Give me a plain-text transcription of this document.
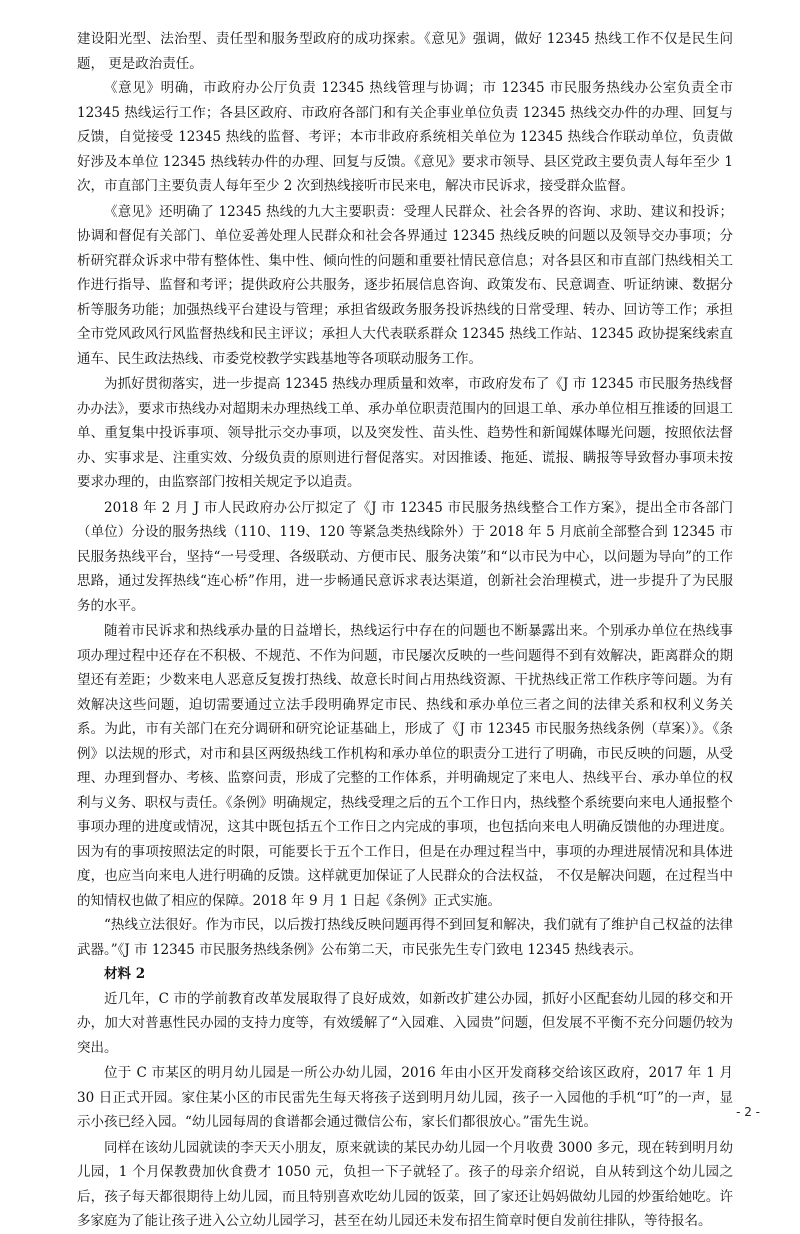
建设阳光型、法治型、责任型和服务型政府的成功探索。《意见》强调，做好 12345 热线工作不仅是民生问题， 更是政治责任。

《意见》明确，市政府办公厅负责 12345 热线管理与协调；市 12345 市民服务热线办公室负责全市 12345 热线运行工作；各县区政府、市政府各部门和有关企事业单位负责 12345 热线交办件的办理、回复与反馈，自觉接受 12345 热线的监督、考评；本市非政府系统相关单位为 12345 热线合作联动单位，负责做好涉及本单位 12345 热线转办件的办理、回复与反馈。《意见》要求市领导、县区党政主要负责人每年至少 1 次，市直部门主要负责人每年至少 2 次到热线接听市民来电，解决市民诉求，接受群众监督。

《意见》还明确了 12345 热线的九大主要职责：受理人民群众、社会各界的咨询、求助、建议和投诉；协调和督促有关部门、单位妥善处理人民群众和社会各界通过 12345 热线反映的问题以及领导交办事项；分析研究群众诉求中带有整体性、集中性、倾向性的问题和重要社情民意信息；对各县区和市直部门热线相关工作进行指导、监督和考评；提供政府公共服务，逐步拓展信息咨询、政策发布、民意调查、听证纳谏、数据分析等服务功能；加强热线平台建设与管理；承担省级政务服务投诉热线的日常受理、转办、回访等工作；承担全市党风政风行风监督热线和民主评议；承担人大代表联系群众 12345 热线工作站、12345 政协提案线索直通车、民生政法热线、市委党校教学实践基地等各项联动服务工作。

为抓好贯彻落实，进一步提高 12345 热线办理质量和效率，市政府发布了《J 市 12345 市民服务热线督办办法》，要求市热线办对超期未办理热线工单、承办单位职责范围内的回退工单、承办单位相互推诿的回退工单、重复集中投诉事项、领导批示交办事项，以及突发性、苗头性、趋势性和新闻媒体曝光问题，按照依法督办、实事求是、注重实效、分级负责的原则进行督促落实。对因推诿、拖延、谎报、瞒报等导致督办事项未按要求办理的，由监察部门按相关规定予以追责。

2018 年 2 月 J 市人民政府办公厅拟定了《J 市 12345 市民服务热线整合工作方案》，提出全市各部门（单位）分设的服务热线（110、119、120 等紧急类热线除外）于 2018 年 5 月底前全部整合到 12345 市民服务热线平台，坚持“一号受理、各级联动、方便市民、服务决策”和“以市民为中心，以问题为导向”的工作思路，通过发挥热线“连心桥”作用，进一步畅通民意诉求表达渠道，创新社会治理模式，进一步提升了为民服务的水平。

随着市民诉求和热线承办量的日益增长，热线运行中存在的问题也不断暴露出来。个别承办单位在热线事项办理过程中还存在不积极、不规范、不作为问题，市民屡次反映的一些问题得不到有效解决，距离群众的期望还有差距；少数来电人恶意反复拨打热线、故意长时间占用热线资源、干扰热线正常工作秩序等问题。为有效解决这些问题，迫切需要通过立法手段明确界定市民、热线和承办单位三者之间的法律关系和权利义务关系。为此，市有关部门在充分调研和研究论证基础上，形成了《J 市 12345 市民服务热线条例（草案）》。《条例》以法规的形式，对市和县区两级热线工作机构和承办单位的职责分工进行了明确，市民反映的问题，从受理、办理到督办、考核、监察问责，形成了完整的工作体系，并明确规定了来电人、热线平台、承办单位的权利与义务、职权与责任。《条例》明确规定，热线受理之后的五个工作日内，热线整个系统要向来电人通报整个事项办理的进度或情况，这其中既包括五个工作日之内完成的事项，也包括向来电人明确反馈他的办理进度。因为有的事项按照法定的时限，可能要长于五个工作日，但是在办理过程当中，事项的办理进展情况和具体进度，也应当向来电人进行明确的反馈。这样就更加保证了人民群众的合法权益， 不仅是解决问题，在过程当中的知情权也做了相应的保障。2018 年 9 月 1 日起《条例》正式实施。

“热线立法很好。作为市民，以后拨打热线反映问题再得不到回复和解决，我们就有了维护自己权益的法律武器。”《J 市 12345 市民服务热线条例》公布第二天，市民张先生专门致电 12345 热线表示。

材料 2

近几年，C 市的学前教育改革发展取得了良好成效，如新改扩建公办园，抓好小区配套幼儿园的移交和开办，加大对普惠性民办园的支持力度等，有效缓解了“入园难、入园贵”问题，但发展不平衡不充分问题仍较为突出。

位于 C 市某区的明月幼儿园是一所公办幼儿园，2016 年由小区开发商移交给该区政府，2017 年 1 月 30 日正式开园。家住某小区的市民雷先生每天将孩子送到明月幼儿园，孩子一入园他的手机“叮”的一声，显示小孩已经入园。“幼儿园每周的食谱都会通过微信公布，家长们都很放心。”雷先生说。

同样在该幼儿园就读的李天天小朋友，原来就读的某民办幼儿园一个月收费 3000 多元，现在转到明月幼儿园，1 个月保教费加伙食费才 1050 元，负担一下子就轻了。孩子的母亲介绍说，自从转到这个幼儿园之后，孩子每天都很期待上幼儿园，而且特别喜欢吃幼儿园的饭菜，回了家还让妈妈做幼儿园的炒蛋给她吃。许多家庭为了能让孩子进入公立幼儿园学习，甚至在幼儿园还未发布招生简章时便自发前往排队，等待报名。

- 2 -
